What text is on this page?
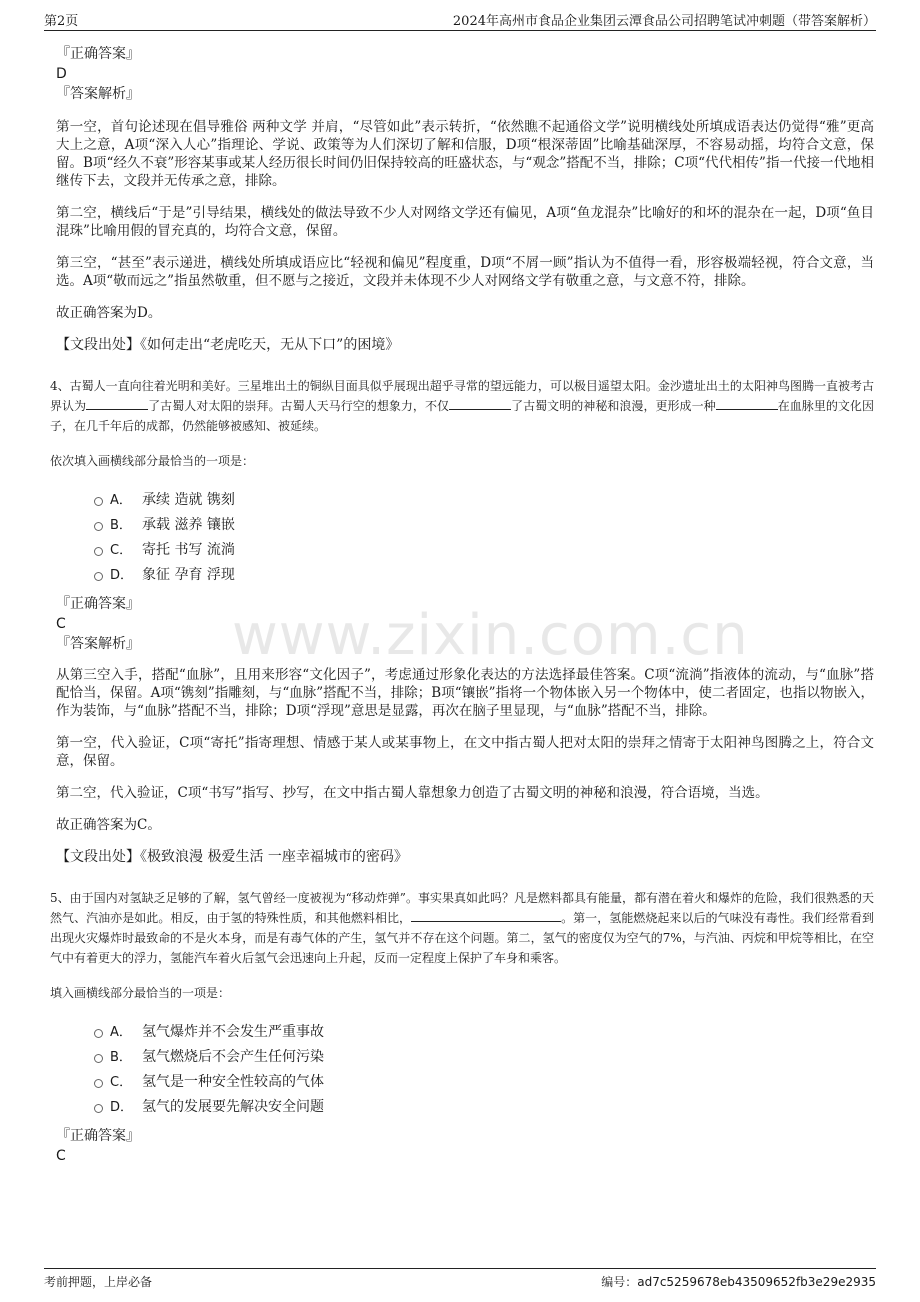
第2页	2024年高州市食品企业集团云潭食品公司招聘笔试冲刺题（带答案解析）
www.zixin.com.cn

『正确答案』

D

『答案解析』

第一空，首句论述现在倡导雅俗 两种文学 并肩，“尽管如此”表示转折，“依然瞧不起通俗文学”说明横线处所填成语表达仍觉得“雅”更高大上之意，A项“深入人心”指理论、学说、政策等为人们深切了解和信服，D项“根深蒂固”比喻基础深厚，不容易动摇，均符合文意，保留。B项“经久不衰”形容某事或某人经历很长时间仍旧保持较高的旺盛状态，与“观念”搭配不当，排除；C项“代代相传”指一代接一代地相继传下去，文段并无传承之意，排除。

第二空，横线后“于是”引导结果，横线处的做法导致不少人对网络文学还有偏见，A项“鱼龙混杂”比喻好的和坏的混杂在一起，D项“鱼目混珠”比喻用假的冒充真的，均符合文意，保留。

第三空，“甚至”表示递进，横线处所填成语应比“轻视和偏见”程度重，D项“不屑一顾”指认为不值得一看，形容极端轻视，符合文意，当选。A项“敬而远之”指虽然敬重，但不愿与之接近，文段并未体现不少人对网络文学有敬重之意，与文意不符，排除。

故正确答案为D。

【文段出处】《如何走出“老虎吃天，无从下口”的困境》

4、古蜀人一直向往着光明和美好。三星堆出土的铜纵目面具似乎展现出超乎寻常的望远能力，可以极目遥望太阳。金沙遗址出土的太阳神鸟图腾一直被考古界认为	了古蜀人对太阳的崇拜。古蜀人天马行空的想象力，不仅	了古蜀文明的神秘和浪漫，更形成一种	在血脉里的文化因子，在几千年后的成都，仍然能够被感知、被延续。

依次填入画横线部分最恰当的一项是：

A． 承续 造就 镌刻
B． 承载 滋养 镶嵌
C． 寄托 书写 流淌
D． 象征 孕育 浮现

『正确答案』

C

『答案解析』

从第三空入手，搭配“血脉”，且用来形容“文化因子”，考虑通过形象化表达的方法选择最佳答案。C项“流淌”指液体的流动，与“血脉”搭配恰当，保留。A项“镌刻”指雕刻，与“血脉”搭配不当，排除；B项“镶嵌”指将一个物体嵌入另一个物体中，使二者固定，也指以物嵌入，作为装饰，与“血脉”搭配不当，排除；D项“浮现”意思是显露，再次在脑子里显现，与“血脉”搭配不当，排除。

第一空，代入验证，C项“寄托”指寄理想、情感于某人或某事物上，在文中指古蜀人把对太阳的崇拜之情寄于太阳神鸟图腾之上，符合文意，保留。

第二空，代入验证，C项“书写”指写、抄写，在文中指古蜀人靠想象力创造了古蜀文明的神秘和浪漫，符合语境，当选。

故正确答案为C。

【文段出处】《极致浪漫 极爱生活 一座幸福城市的密码》

5、由于国内对氢缺乏足够的了解，氢气曾经一度被视为“移动炸弹”。事实果真如此吗？凡是燃料都具有能量，都有潜在着火和爆炸的危险，我们很熟悉的天然气、汽油亦是如此。相反，由于氢的特殊性质，和其他燃料相比，	。第一，氢能燃烧起来以后的气味没有毒性。我们经常看到出现火灾爆炸时最致命的不是火本身，而是有毒气体的产生，氢气并不存在这个问题。第二，氢气的密度仅为空气的7%，与汽油、丙烷和甲烷等相比，在空气中有着更大的浮力，氢能汽车着火后氢气会迅速向上升起，反而一定程度上保护了车身和乘客。

填入画横线部分最恰当的一项是：

A． 氢气爆炸并不会发生严重事故
B． 氢气燃烧后不会产生任何污染
C． 氢气是一种安全性较高的气体
D． 氢气的发展要先解决安全问题

『正确答案』

C

考前押题，上岸必备	编号：ad7c5259678eb43509652fb3e29e2935
